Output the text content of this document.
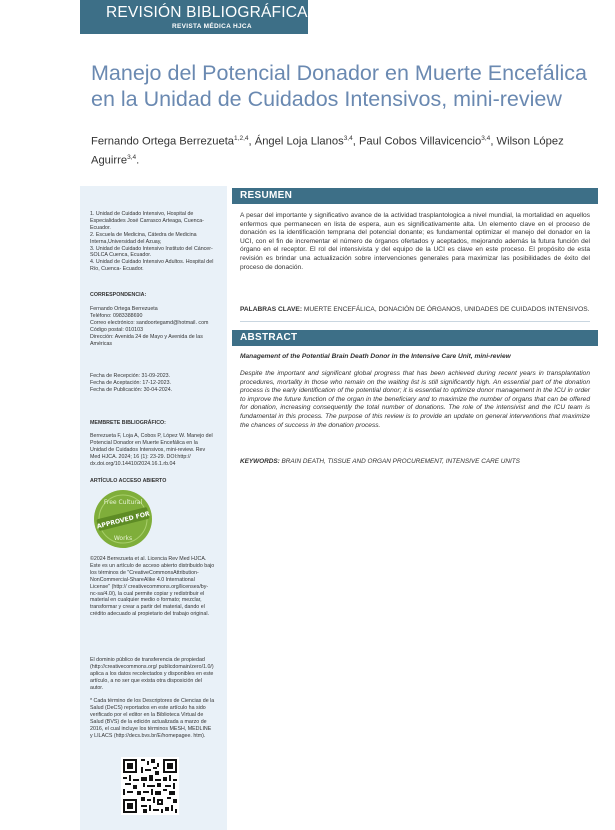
REVISIÓN BIBLIOGRÁFICA
REVISTA MÉDICA HJCA
Manejo del Potencial Donador en Muerte Encefálica en la Unidad de Cuidados Intensivos, mini-review
Fernando Ortega Berrezueta$^{1,2,4}$, Ángel Loja Llanos$^{3,4}$, Paul Cobos Villavicencio$^{3,4}$, Wilson López Aguirre$^{3,4}$.
1. Unidad de Cuidado Intensivo, Hospital de Especialidades José Carrasco Arteaga, Cuenca-Ecuador.
2. Escuela de Medicina, Cátedra de Medicina Interna,Universidad del Azuay,
3. Unidad de Cuidado Intensivo Instituto del Cáncer-SOLCA Cuenca, Ecuador.
4. Unidad de Cuidado Intensivo Adultos. Hospital del Río, Cuenca- Ecuador.
CORRESPONDENCIA:
Fernando Ortega Berrezueta
Teléfono: 0983388690
Correo electrónico: sandoortegamd@hotmail. com
Código postal: 010103
Dirección: Avenida 24 de Mayo y Avenida de las Américas
Fecha de Recepción: 31-09-2023.
Fecha de Aceptación: 17-12-2023.
Fecha de Publicación: 30-04-2024.
MEMBRETE BIBLIOGRÁFICO:
Berrezueta F, Loja A, Cobos P, López W. Manejo del Potencial Donador en Muerte Encefálica en la Unidad de Cuidados Intensivos, mini-review. Rev Med HJCA. 2024; 16 (1): 23-29. DOI:http:// dx.doi.org/10.14410/2024.16.1.rb.04
ARTÍCULO ACCESO ABIERTO
Free Cultural
APPROVED FOR
Works
©2024 Berrezueta et al. Licencia Rev Med HJCA. Este es un artículo de acceso abierto distribuido bajo los términos de "CreativeCommonsAttribution-NonCommercial-ShareAlike 4.0 International License" (http:// creativecommons.org/licenses/by-nc-sa/4.0/), la cual permite copiar y redistribuir el material en cualquier medio o formato; mezclar, transformar y crear a partir del material, dando el crédito adecuado al propietario del trabajo original.
El dominio público de transferencia de propiedad (http://creativecommons.org/ publicdomain/zero/1.0/) aplica a los datos recolectados y disponibles en este artículo, a no ser que exista otra disposición del autor.
* Cada término de los Descriptores de Ciencias de la Salud (DeCS) reportados en este artículo ha sido verificado por el editor en la Biblioteca Virtual de Salud (BVS) de la edición actualizada a marzo de 2016, el cual incluye los términos MESH, MEDLINE y LILACS (http://decs.bvs.br/E/homepagee. htm).
RESUMEN

A pesar del importante y significativo avance de la actividad trasplantologica a nivel mundial, la mortalidad en aquellos enfermos que permanecen en lista de espera, aun es significativamente alta. Un elemento clave en el proceso de donación es la identificación temprana del potencial donante; es fundamental optimizar el manejo del donador en la UCI, con el fin de incrementar el número de órganos ofertados y aceptados, mejorando además la futura función del órgano en el receptor. El rol del intensivista y del equipo de la UCI es clave en este proceso. El propósito de esta revisión es brindar una actualización sobre intervenciones generales para maximizar las posibilidades de éxito del proceso de donación.

PALABRAS CLAVE: MUERTE ENCEFÁLICA, DONACIÓN DE ÓRGANOS, UNIDADES DE CUIDADOS INTENSIVOS.

ABSTRACT
Management of the Potential Brain Death Donor in the Intensive Care Unit, mini-review

Despite the important and significant global progress that has been achieved during recent years in transplantation procedures, mortality in those who remain on the waiting list is still significantly high. An essential part of the donation process is the early identification of the potential donor; it is essential to optimize donor management in the ICU in order to improve the future function of the organ in the beneficiary and to maximize the number of organs that can be offered for donation, increasing consequently the total number of donations. The role of the intensivist and the ICU team is fundamental in this process. The purpose of this review is to provide an update on general interventions that maximize the chances of success in the donation process.

KEYWORDS: BRAIN DEATH, TISSUE AND ORGAN PROCUREMENT, INTENSIVE CARE UNITS
